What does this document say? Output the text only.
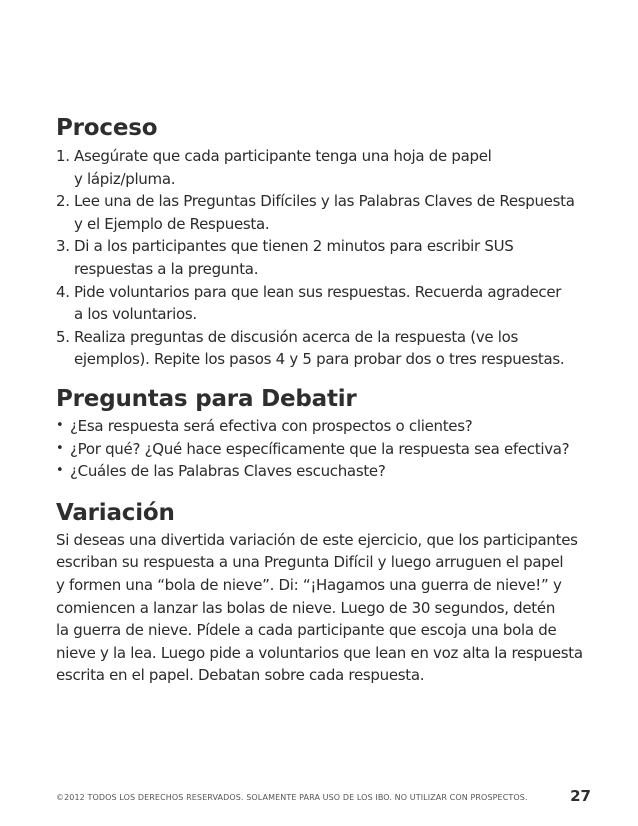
Proceso
1. Asegúrate que cada participante tenga una hoja de papel
y lápiz/pluma.
2. Lee una de las Preguntas Difíciles y las Palabras Claves de Respuesta
y el Ejemplo de Respuesta.
3. Di a los participantes que tienen 2 minutos para escribir SUS
respuestas a la pregunta.
4. Pide voluntarios para que lean sus respuestas. Recuerda agradecer
a los voluntarios.
5. Realiza preguntas de discusión acerca de la respuesta (ve los
ejemplos). Repite los pasos 4 y 5 para probar dos o tres respuestas.
Preguntas para Debatir
• ¿Esa respuesta será efectiva con prospectos o clientes?
• ¿Por qué? ¿Qué hace específicamente que la respuesta sea efectiva?
• ¿Cuáles de las Palabras Claves escuchaste?
Variación

Si deseas una divertida variación de este ejercicio, que los participantes
escriban su respuesta a una Pregunta Difícil y luego arruguen el papel
y formen una “bola de nieve”. Di: “¡Hagamos una guerra de nieve!” y
comiencen a lanzar las bolas de nieve. Luego de 30 segundos, detén
la guerra de nieve. Pídele a cada participante que escoja una bola de
nieve y la lea. Luego pide a voluntarios que lean en voz alta la respuesta
escrita en el papel. Debatan sobre cada respuesta.

©2012 TODOS LOS DERECHOS RESERVADOS. SOLAMENTE PARA USO DE LOS IBO. NO UTILIZAR CON PROSPECTOS.	27
